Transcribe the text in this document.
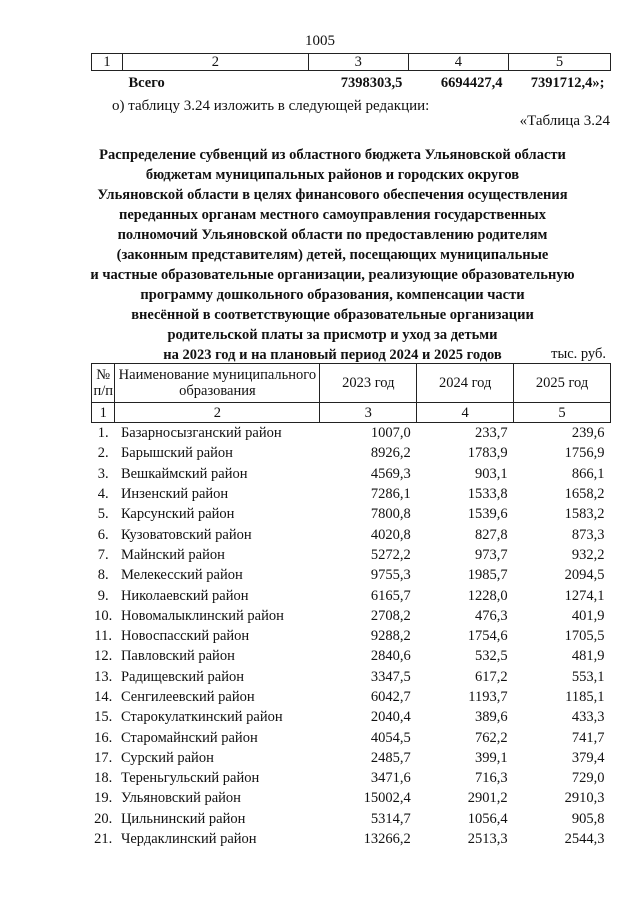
1005
1	2	3	4	5
	Всего	7398303,5	6694427,4	7391712,4»;
о) таблицу 3.24 изложить в следующей редакции:
«Таблица 3.24
Распределение субвенций из областного бюджета Ульяновской области
бюджетам муниципальных районов и городских округов
Ульяновской области в целях финансового обеспечения осуществления
переданных органам местного самоуправления государственных
полномочий Ульяновской области по предоставлению родителям
(законным представителям) детей, посещающих муниципальные
и частные образовательные организации, реализующие образовательную
программу дошкольного образования, компенсации части
внесённой в соответствующие образовательные организации
родительской платы за присмотр и уход за детьми
на 2023 год и на плановый период 2024 и 2025 годов	тыс. руб.
№ п/п	Наименование муниципального образования	2023 год	2024 год	2025 год
1	2	3	4	5
1.	Базарносызганский район	1007,0	233,7	239,6
2.	Барышский район	8926,2	1783,9	1756,9
3.	Вешкаймский район	4569,3	903,1	866,1
4.	Инзенский район	7286,1	1533,8	1658,2
5.	Карсунский район	7800,8	1539,6	1583,2
6.	Кузоватовский район	4020,8	827,8	873,3
7.	Майнский район	5272,2	973,7	932,2
8.	Мелекесский район	9755,3	1985,7	2094,5
9.	Николаевский район	6165,7	1228,0	1274,1
10.	Новомалыклинский район	2708,2	476,3	401,9
11.	Новоспасский район	9288,2	1754,6	1705,5
12.	Павловский район	2840,6	532,5	481,9
13.	Радищевский район	3347,5	617,2	553,1
14.	Сенгилеевский район	6042,7	1193,7	1185,1
15.	Старокулаткинский район	2040,4	389,6	433,3
16.	Старомайнский район	4054,5	762,2	741,7
17.	Сурский район	2485,7	399,1	379,4
18.	Тереньгульский район	3471,6	716,3	729,0
19.	Ульяновский район	15002,4	2901,2	2910,3
20.	Цильнинский район	5314,7	1056,4	905,8
21.	Чердаклинский район	13266,2	2513,3	2544,3
